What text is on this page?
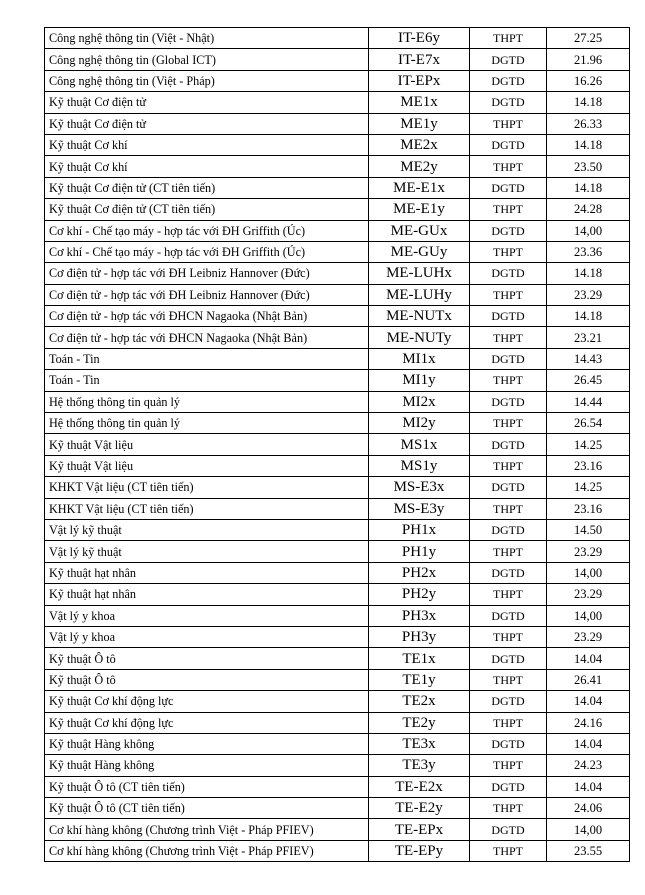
Công nghệ thông tin (Việt - Nhật)	IT-E6y	THPT	27.25
Công nghệ thông tin (Global ICT)	IT-E7x	DGTD	21.96
Công nghệ thông tin (Việt - Pháp)	IT-EPx	DGTD	16.26
Kỹ thuật Cơ điện tử	ME1x	DGTD	14.18
Kỹ thuật Cơ điện tử	ME1y	THPT	26.33
Kỹ thuật Cơ khí	ME2x	DGTD	14.18
Kỹ thuật Cơ khí	ME2y	THPT	23.50
Kỹ thuật Cơ điện tử (CT tiên tiến)	ME-E1x	DGTD	14.18
Kỹ thuật Cơ điện tử (CT tiên tiến)	ME-E1y	THPT	24.28
Cơ khí - Chế tạo máy - hợp tác với ĐH Griffith (Úc)	ME-GUx	DGTD	14,00
Cơ khí - Chế tạo máy - hợp tác với ĐH Griffith (Úc)	ME-GUy	THPT	23.36
Cơ điện tử - hợp tác với ĐH Leibniz Hannover (Đức)	ME-LUHx	DGTD	14.18
Cơ điện tử - hợp tác với ĐH Leibniz Hannover (Đức)	ME-LUHy	THPT	23.29
Cơ điện tử - hợp tác với ĐHCN Nagaoka (Nhật Bản)	ME-NUTx	DGTD	14.18
Cơ điện tử - hợp tác với ĐHCN Nagaoka (Nhật Bản)	ME-NUTy	THPT	23.21
Toán - Tin	MI1x	DGTD	14.43
Toán - Tin	MI1y	THPT	26.45
Hệ thống thông tin quản lý	MI2x	DGTD	14.44
Hệ thống thông tin quản lý	MI2y	THPT	26.54
Kỹ thuật Vật liệu	MS1x	DGTD	14.25
Kỹ thuật Vật liệu	MS1y	THPT	23.16
KHKT Vật liệu (CT tiên tiến)	MS-E3x	DGTD	14.25
KHKT Vật liệu (CT tiên tiến)	MS-E3y	THPT	23.16
Vật lý kỹ thuật	PH1x	DGTD	14.50
Vật lý kỹ thuật	PH1y	THPT	23.29
Kỹ thuật hạt nhân	PH2x	DGTD	14,00
Kỹ thuật hạt nhân	PH2y	THPT	23.29
Vật lý y khoa	PH3x	DGTD	14,00
Vật lý y khoa	PH3y	THPT	23.29
Kỹ thuật Ô tô	TE1x	DGTD	14.04
Kỹ thuật Ô tô	TE1y	THPT	26.41
Kỹ thuật Cơ khí động lực	TE2x	DGTD	14.04
Kỹ thuật Cơ khí động lực	TE2y	THPT	24.16
Kỹ thuật Hàng không	TE3x	DGTD	14.04
Kỹ thuật Hàng không	TE3y	THPT	24.23
Kỹ thuật Ô tô (CT tiên tiến)	TE-E2x	DGTD	14.04
Kỹ thuật Ô tô (CT tiên tiến)	TE-E2y	THPT	24.06
Cơ khí hàng không (Chương trình Việt - Pháp PFIEV)	TE-EPx	DGTD	14,00
Cơ khí hàng không (Chương trình Việt - Pháp PFIEV)	TE-EPy	THPT	23.55
